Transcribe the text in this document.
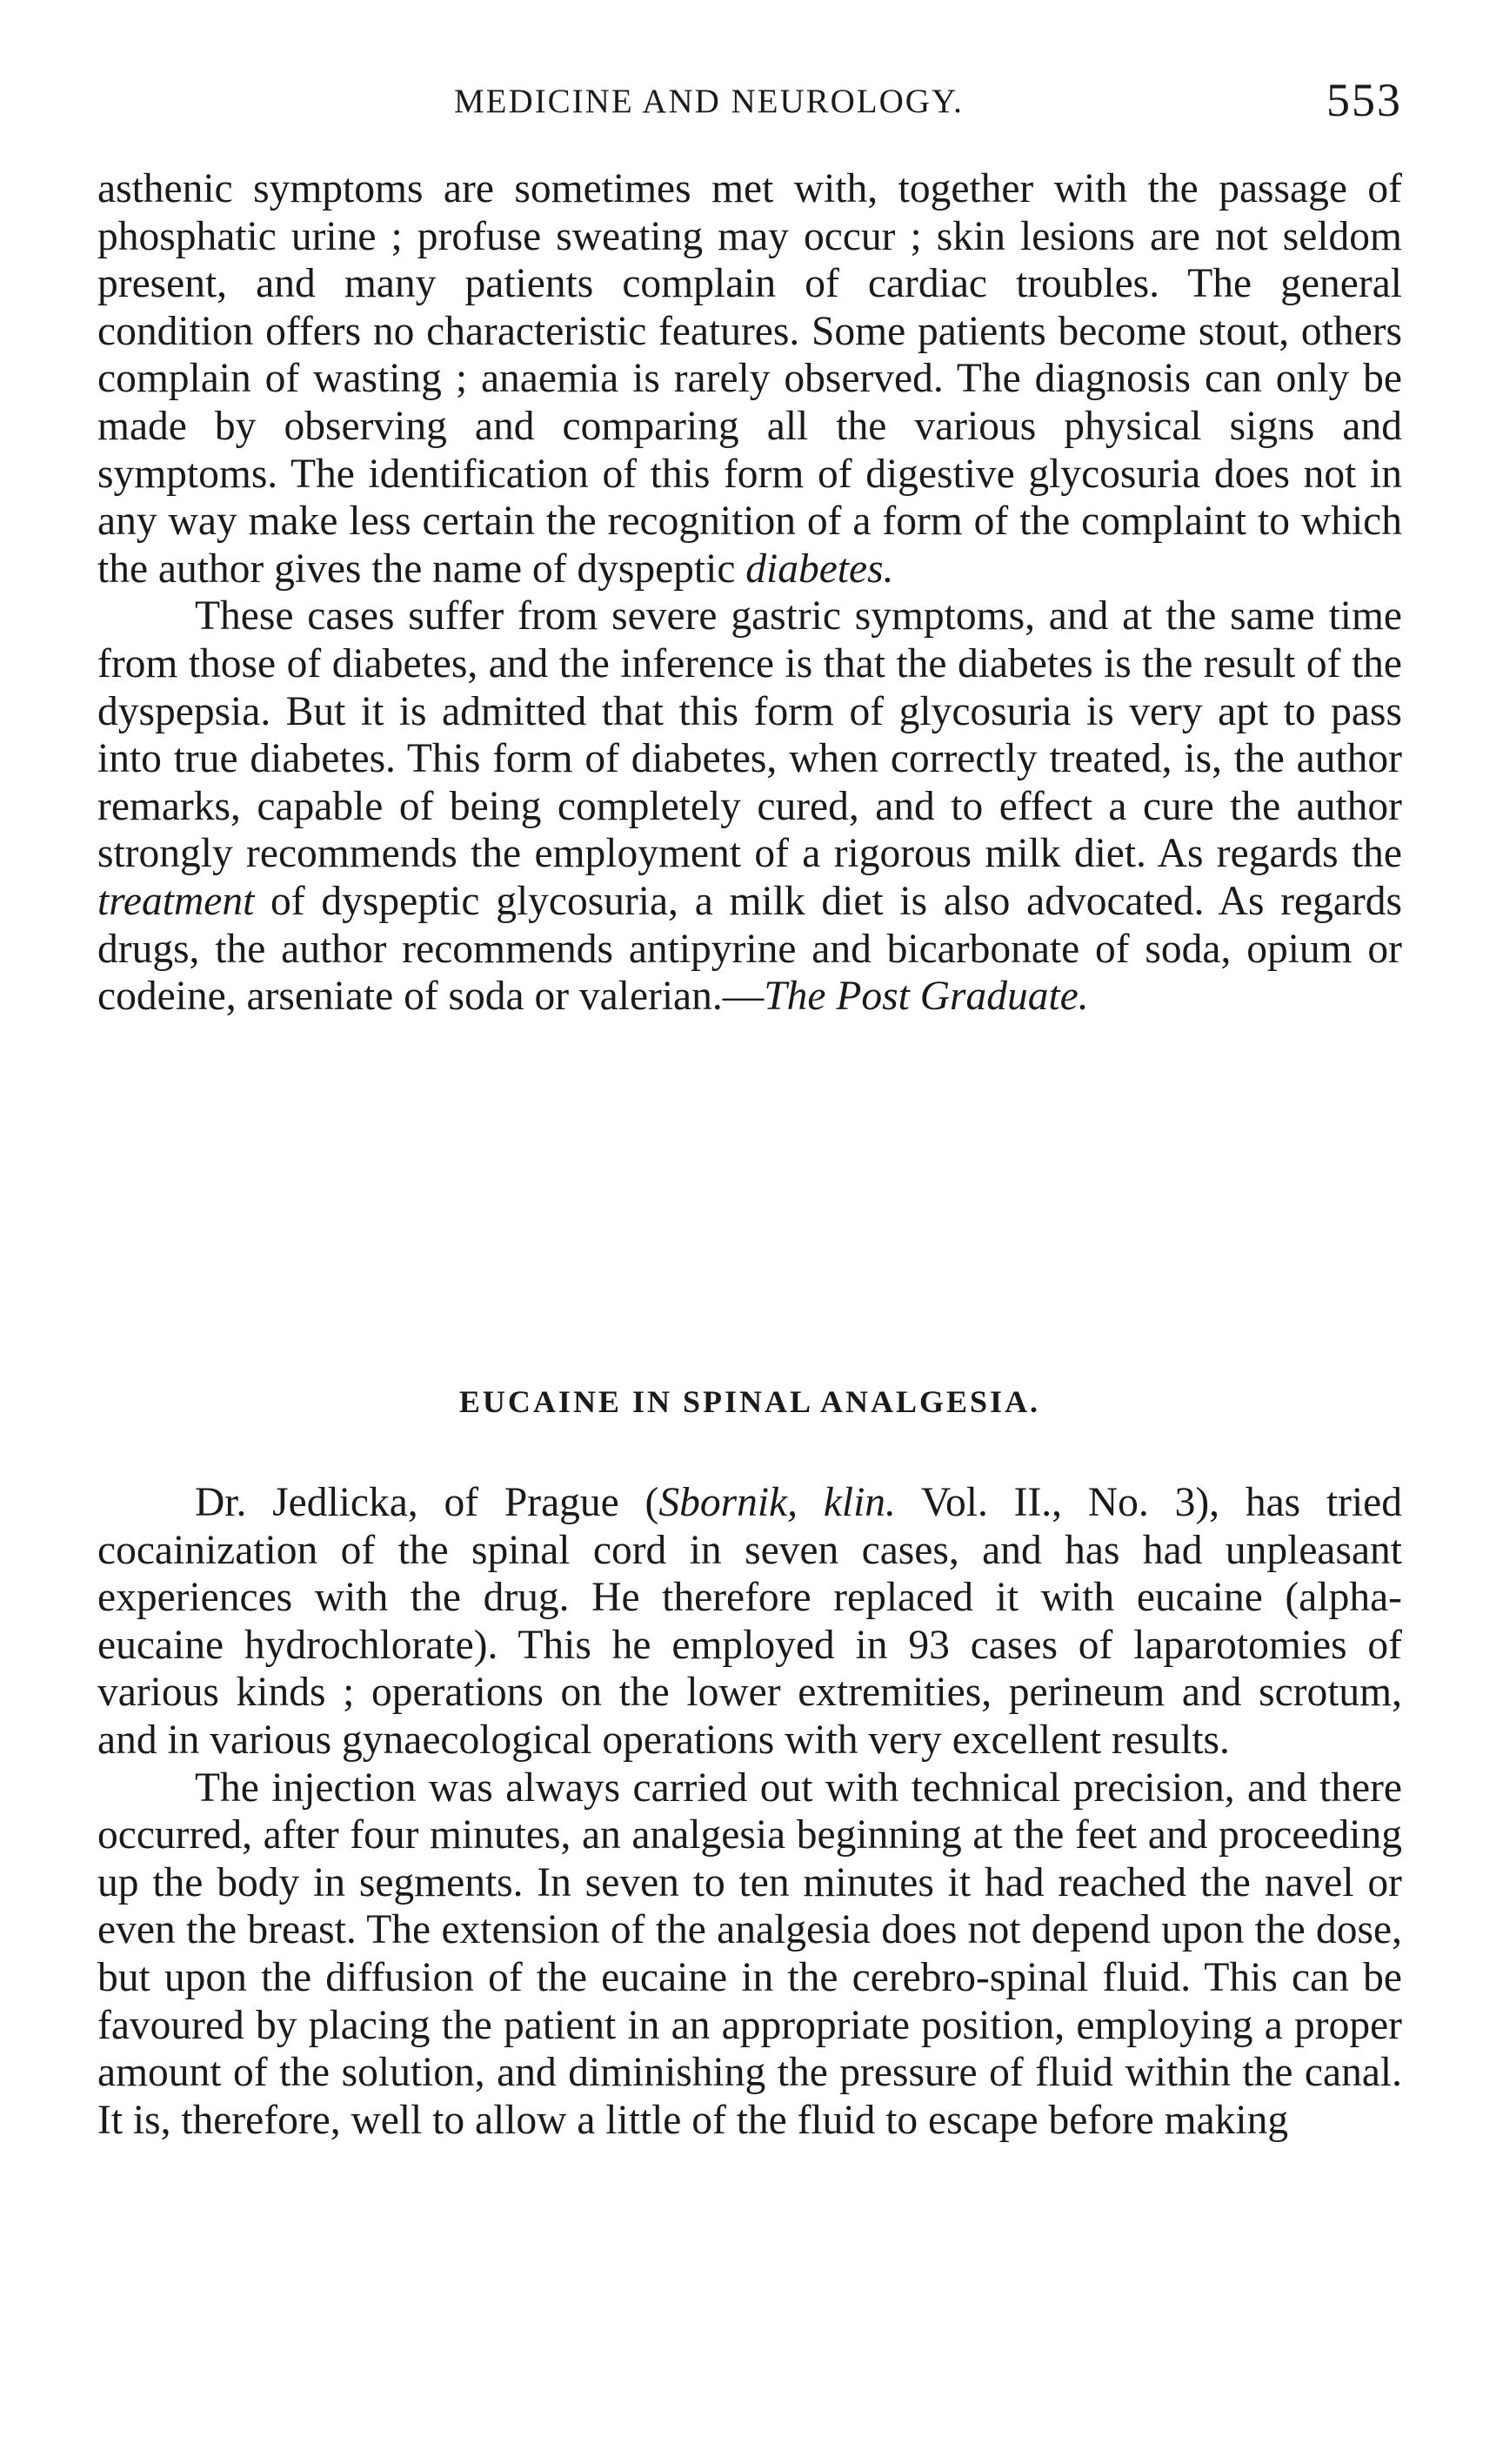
MEDICINE AND NEUROLOGY.	553

asthenic symptoms are sometimes met with, together with the passage of phosphatic urine ; profuse sweating may occur ; skin lesions are not seldom present, and many patients complain of cardiac troubles. The general condition offers no characteristic features. Some patients become stout, others complain of wasting ; anaemia is rarely observed. The diagnosis can only be made by observing and comparing all the various physical signs and symptoms. The identification of this form of digestive glycosuria does not in any way make less certain the recognition of a form of the complaint to which the author gives the name of dyspeptic diabetes.

These cases suffer from severe gastric symptoms, and at the same time from those of diabetes, and the inference is that the diabetes is the result of the dyspepsia. But it is admitted that this form of glycosuria is very apt to pass into true diabetes. This form of diabetes, when correctly treated, is, the author remarks, capable of being completely cured, and to effect a cure the author strongly recommends the employment of a rigorous milk diet. As regards the treatment of dyspeptic glycosuria, a milk diet is also advocated. As regards drugs, the author recommends antipyrine and bicarbonate of soda, opium or codeine, arseniate of soda or valerian.—The Post Graduate.

EUCAINE IN SPINAL ANALGESIA.

Dr. Jedlicka, of Prague (Sbornik, klin. Vol. II., No. 3), has tried cocainization of the spinal cord in seven cases, and has had unpleasant experiences with the drug. He therefore replaced it with eucaine (alpha-eucaine hydrochlorate). This he employed in 93 cases of laparotomies of various kinds ; operations on the lower extremities, perineum and scrotum, and in various gynaecological operations with very excellent results.

The injection was always carried out with technical precision, and there occurred, after four minutes, an analgesia beginning at the feet and proceeding up the body in segments. In seven to ten minutes it had reached the navel or even the breast. The extension of the analgesia does not depend upon the dose, but upon the diffusion of the eucaine in the cerebro-spinal fluid. This can be favoured by placing the patient in an appropriate position, employing a proper amount of the solution, and diminishing the pressure of fluid within the canal. It is, therefore, well to allow a little of the fluid to escape before making
